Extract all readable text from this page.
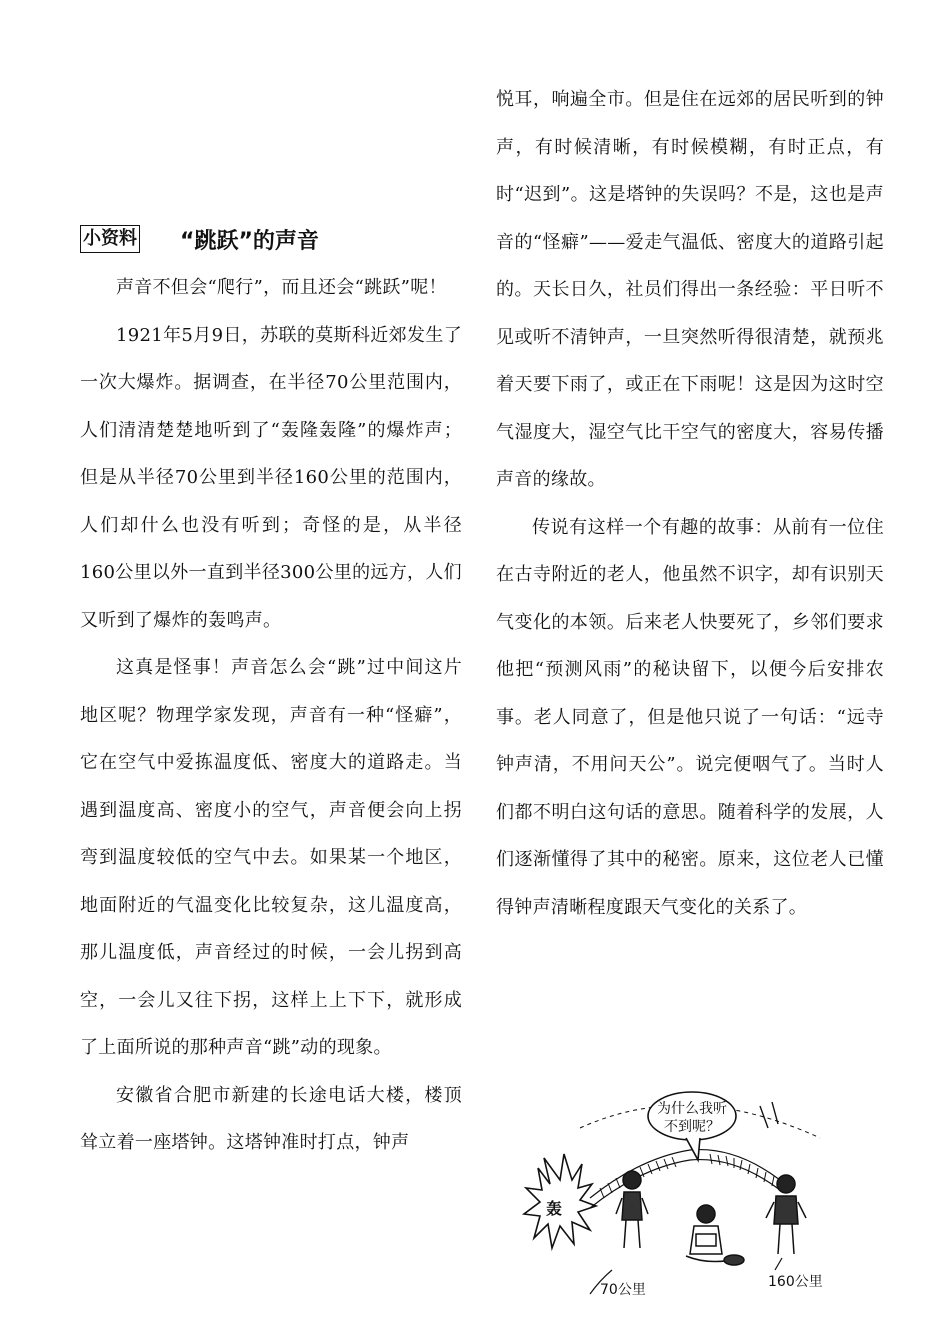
小资料 “跳跃”的声音

声音不但会“爬行”，而且还会“跳跃”呢！

1921年5月9日，苏联的莫斯科近郊发生了一次大爆炸。据调查，在半径70公里范围内，人们清清楚楚地听到了“轰隆轰隆”的爆炸声；但是从半径70公里到半径160公里的范围内，人们却什么也没有听到；奇怪的是，从半径160公里以外一直到半径300公里的远方，人们又听到了爆炸的轰鸣声。

这真是怪事！声音怎么会“跳”过中间这片地区呢？物理学家发现，声音有一种“怪癖”，它在空气中爱拣温度低、密度大的道路走。当遇到温度高、密度小的空气，声音便会向上拐弯到温度较低的空气中去。如果某一个地区，地面附近的气温变化比较复杂，这儿温度高，那儿温度低，声音经过的时候，一会儿拐到高空，一会儿又往下拐，这样上上下下，就形成了上面所说的那种声音“跳”动的现象。

安徽省合肥市新建的长途电话大楼，楼顶耸立着一座塔钟。这塔钟准时打点，钟声

悦耳，响遍全市。但是住在远郊的居民听到的钟声，有时候清晰，有时候模糊，有时正点，有时“迟到”。这是塔钟的失误吗？不是，这也是声音的“怪癖”——爱走气温低、密度大的道路引起的。天长日久，社员们得出一条经验：平日听不见或听不清钟声，一旦突然听得很清楚，就预兆着天要下雨了，或正在下雨呢！这是因为这时空气湿度大，湿空气比干空气的密度大，容易传播声音的缘故。

传说有这样一个有趣的故事：从前有一位住在古寺附近的老人，他虽然不识字，却有识别天气变化的本领。后来老人快要死了，乡邻们要求他把“预测风雨”的秘诀留下，以便今后安排农事。老人同意了，但是他只说了一句话：“远寺钟声清，不用问天公”。说完便咽气了。当时人们都不明白这句话的意思。随着科学的发展，人们逐渐懂得了其中的秘密。原来，这位老人已懂得钟声清晰程度跟天气变化的关系了。

轰
为什么我听
不到呢？
70公里	160公里
